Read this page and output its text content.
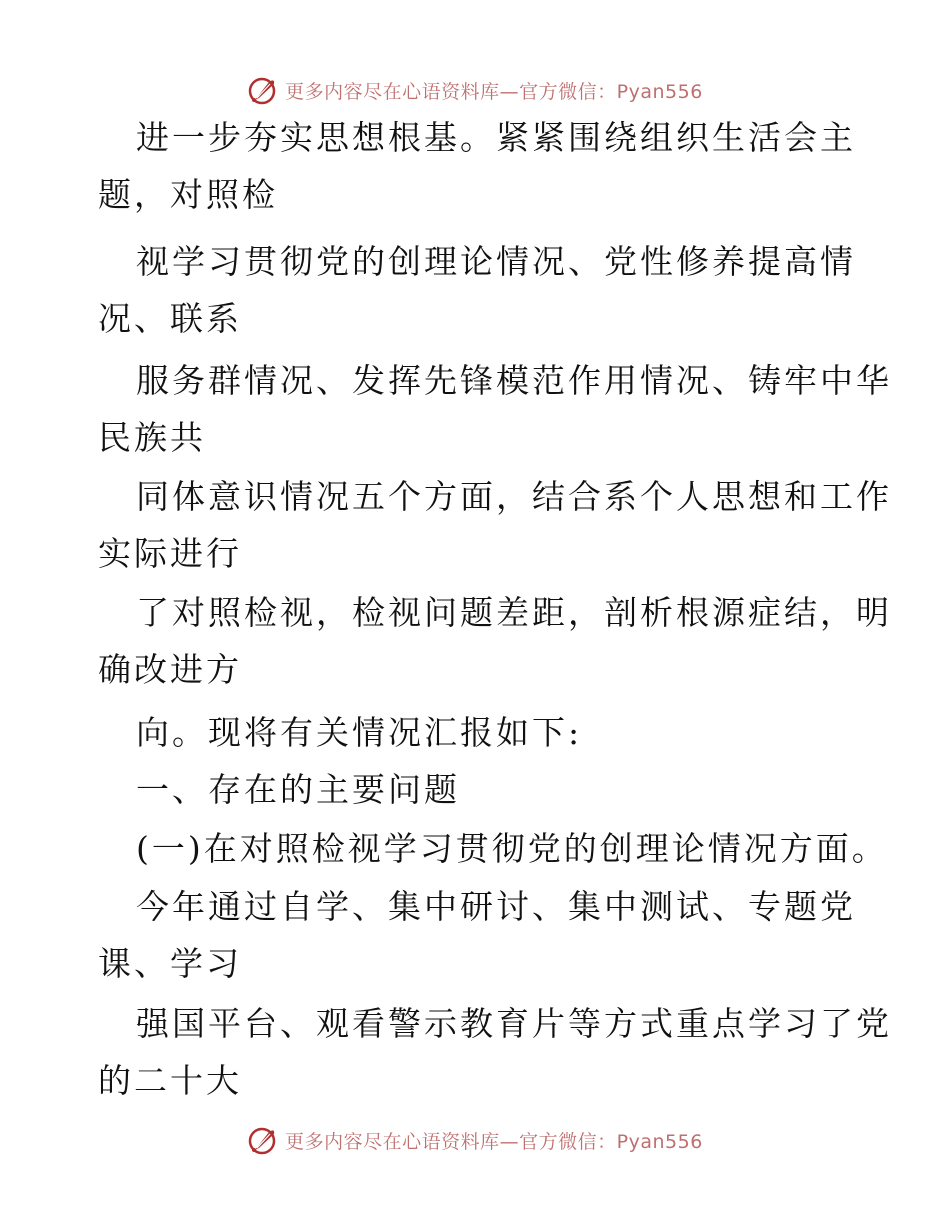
更多内容尽在心语资料库—官方微信：Pyan556
进一步夯实思想根基。紧紧围绕组织生活会主
题，对照检
视学习贯彻党的创理论情况、党性修养提高情
况、联系
服务群情况、发挥先锋模范作用情况、铸牢中华
民族共
同体意识情况五个方面，结合系个人思想和工作
实际进行
了对照检视，检视问题差距，剖析根源症结，明
确改进方
向。现将有关情况汇报如下:
一、存在的主要问题
(一)在对照检视学习贯彻党的创理论情况方面。
今年通过自学、集中研讨、集中测试、专题党
课、学习
强国平台、观看警示教育片等方式重点学习了党
的二十大
更多内容尽在心语资料库—官方微信：Pyan556
